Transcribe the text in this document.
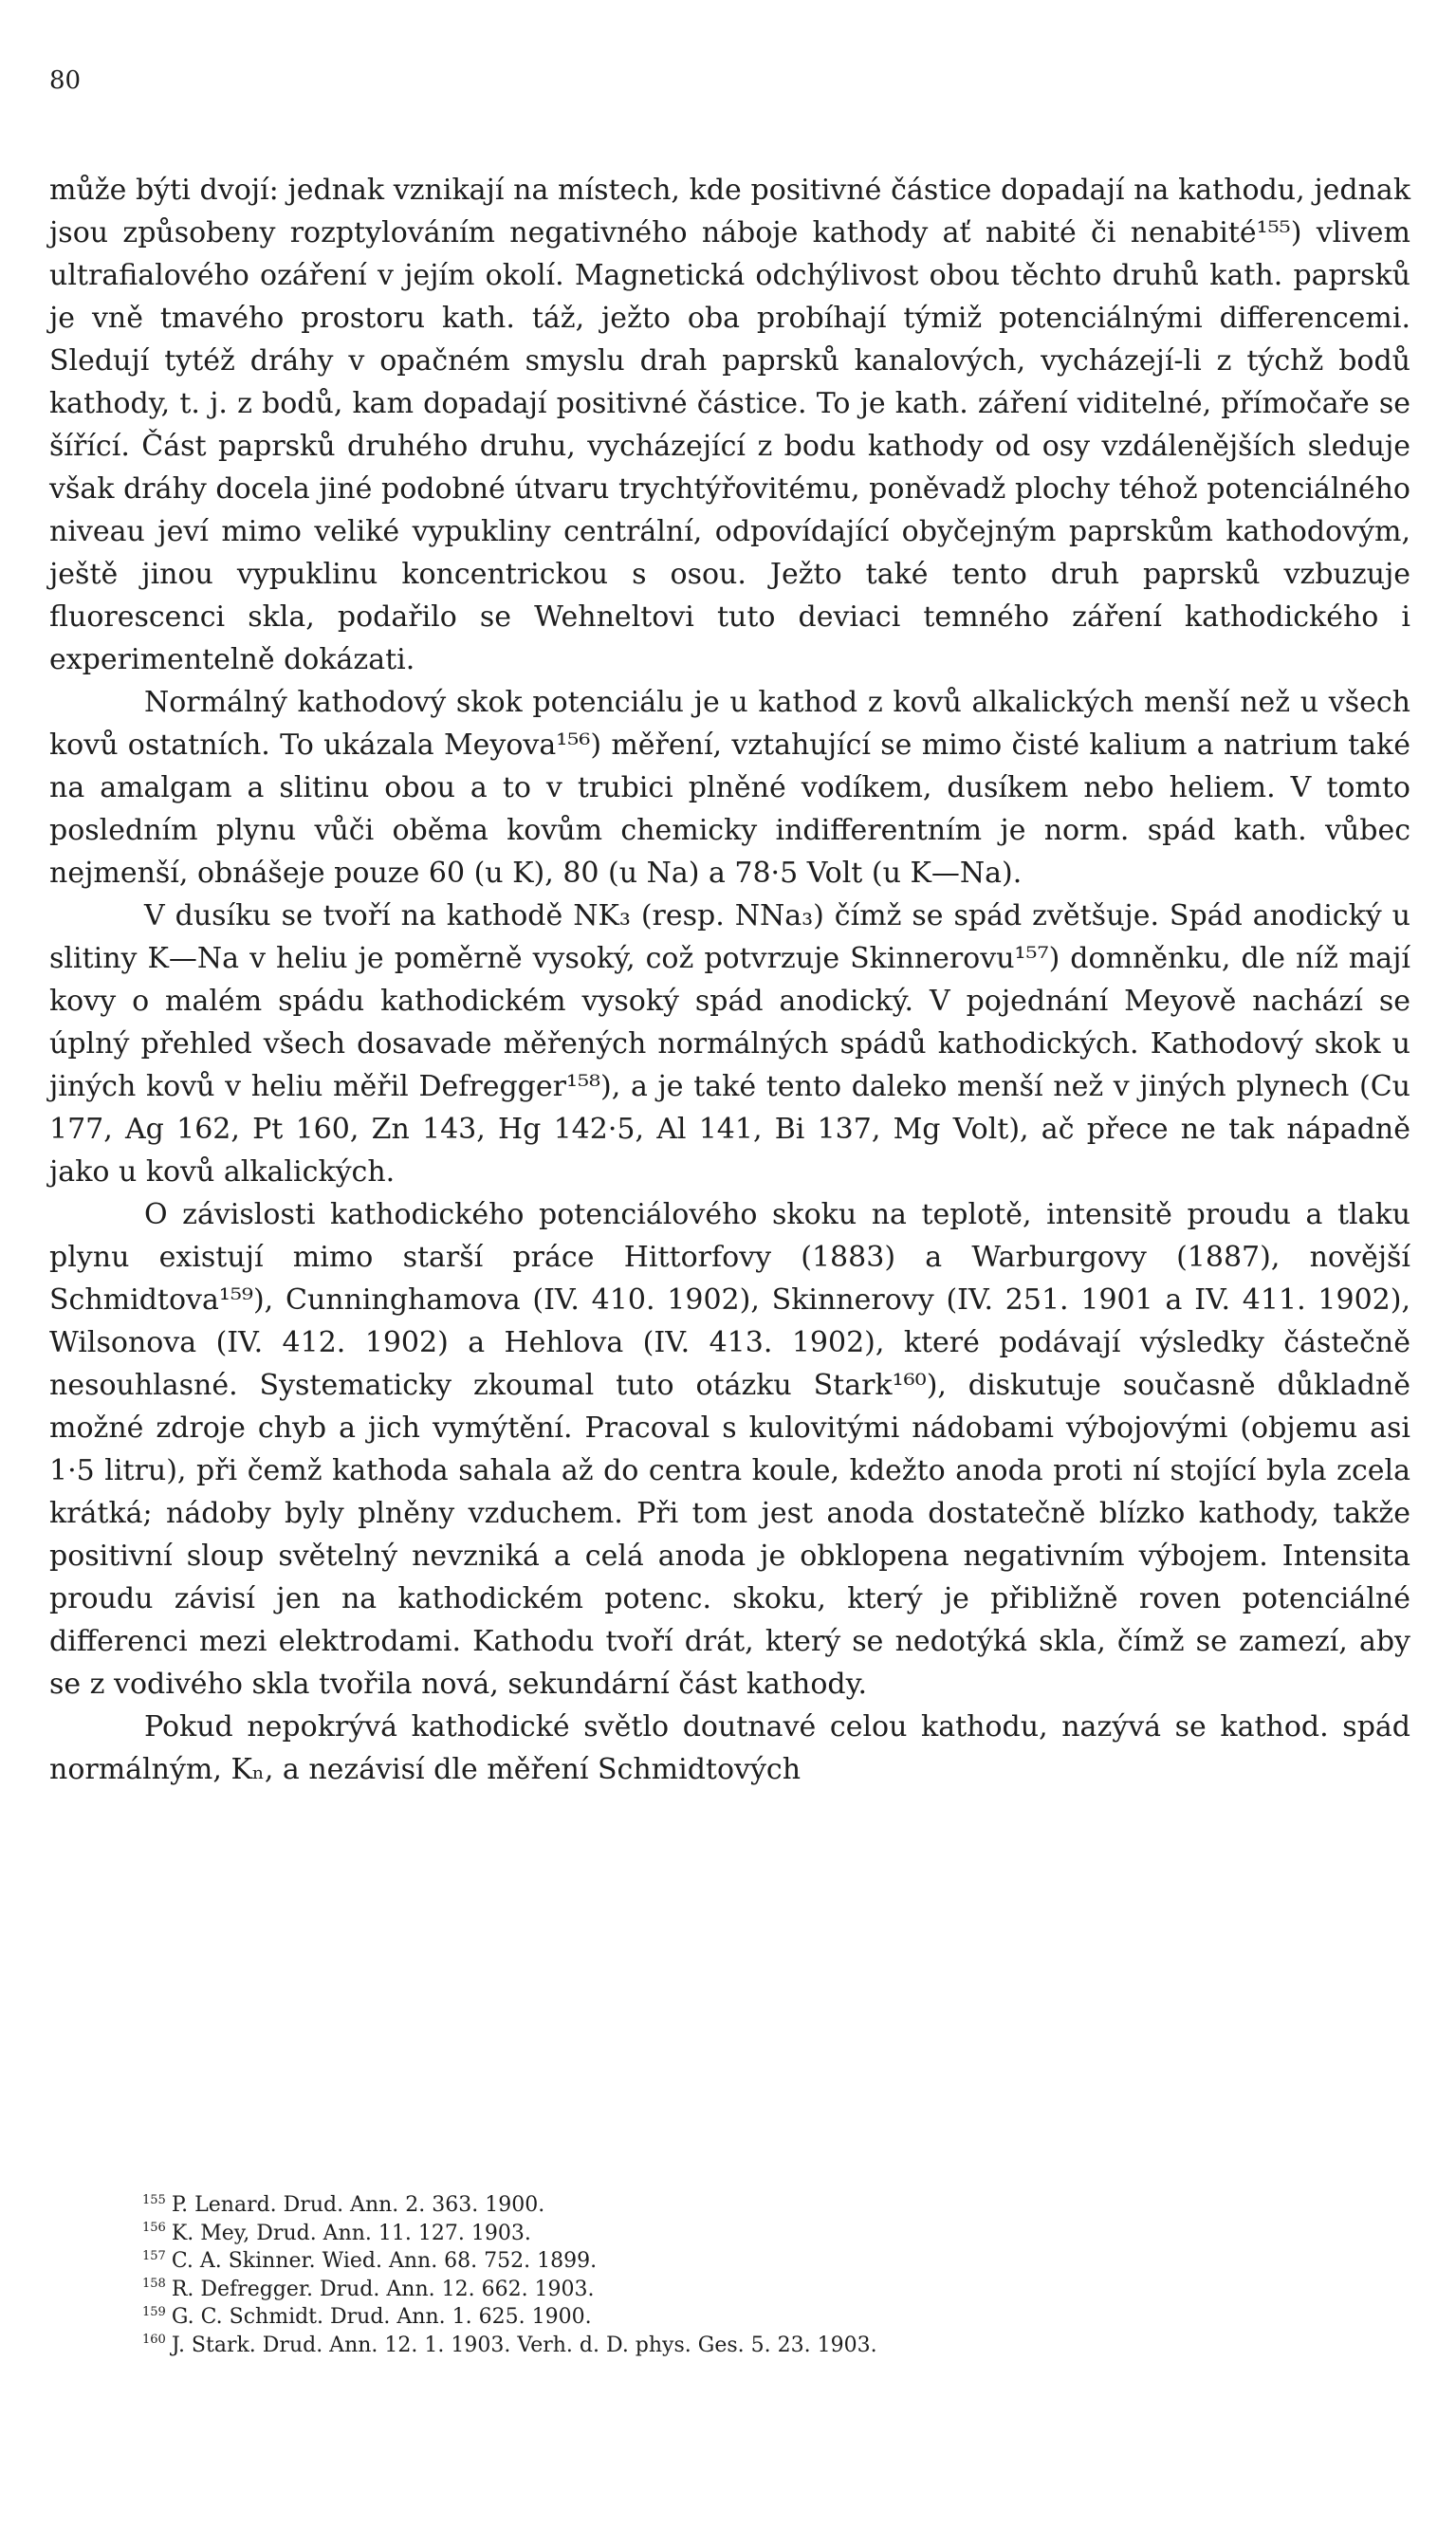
80

může býti dvojí: jednak vznikají na místech, kde positivné částice dopadají na kathodu, jednak jsou způsobeny rozptylováním negativného náboje kathody ať nabité či nenabité¹⁵⁵) vlivem ultrafialového ozáření v jejím okolí. Magnetická odchýlivost obou těchto druhů kath. paprsků je vně tmavého prostoru kath. táž, ježto oba probíhají týmiž potenciálnými differencemi. Sledují tytéž dráhy v opačném smyslu drah paprsků kanalových, vycházejí-li z týchž bodů kathody, t. j. z bodů, kam dopadají positivné částice. To je kath. záření viditelné, přímočaře se šířící. Část paprsků druhého druhu, vycházející z bodu kathody od osy vzdálenějších sleduje však dráhy docela jiné podobné útvaru trychtýřovitému, poněvadž plochy téhož potenciálného niveau jeví mimo veliké vypukliny centrální, odpovídající obyčejným paprskům kathodovým, ještě jinou vypuklinu koncentrickou s osou. Ježto také tento druh paprsků vzbuzuje fluorescenci skla, podařilo se Wehneltovi tuto deviaci temného záření kathodického i experimentelně dokázati.

Normálný kathodový skok potenciálu je u kathod z kovů alkalických menší než u všech kovů ostatních. To ukázala Meyova¹⁵⁶) měření, vztahující se mimo čisté kalium a natrium také na amalgam a slitinu obou a to v trubici plněné vodíkem, dusíkem nebo heliem. V tomto posledním plynu vůči oběma kovům chemicky indifferentním je norm. spád kath. vůbec nejmenší, obnášeje pouze 60 (u K), 80 (u Na) a 78·5 Volt (u K—Na).

V dusíku se tvoří na kathodě NK₃ (resp. NNa₃) čímž se spád zvětšuje. Spád anodický u slitiny K—Na v heliu je poměrně vysoký, což potvrzuje Skinnerovu¹⁵⁷) domněnku, dle níž mají kovy o malém spádu kathodickém vysoký spád anodický. V pojednání Meyově nachází se úplný přehled všech dosavade měřených normálných spádů kathodických. Kathodový skok u jiných kovů v heliu měřil Defregger¹⁵⁸), a je také tento daleko menší než v jiných plynech (Cu 177, Ag 162, Pt 160, Zn 143, Hg 142·5, Al 141, Bi 137, Mg Volt), ač přece ne tak nápadně jako u kovů alkalických.

O závislosti kathodického potenciálového skoku na teplotě, intensitě proudu a tlaku plynu existují mimo starší práce Hittorfovy (1883) a Warburgovy (1887), novější Schmidtova¹⁵⁹), Cunninghamova (IV. 410. 1902), Skinnerovy (IV. 251. 1901 a IV. 411. 1902), Wilsonova (IV. 412. 1902) a Hehlova (IV. 413. 1902), které podávají výsledky částečně nesouhlasné. Systematicky zkoumal tuto otázku Stark¹⁶⁰), diskutuje současně důkladně možné zdroje chyb a jich vymýtění. Pracoval s kulovitými nádobami výbojovými (objemu asi 1·5 litru), při čemž kathoda sahala až do centra koule, kdežto anoda proti ní stojící byla zcela krátká; nádoby byly plněny vzduchem. Při tom jest anoda dostatečně blízko kathody, takže positivní sloup světelný nevzniká a celá anoda je obklopena negativním výbojem. Intensita proudu závisí jen na kathodickém potenc. skoku, který je přibližně roven potenciálné differenci mezi elektrodami. Kathodu tvoří drát, který se nedotýká skla, čímž se zamezí, aby se z vodivého skla tvořila nová, sekundární část kathody.

Pokud nepokrývá kathodické světlo doutnavé celou kathodu, nazývá se kathod. spád normálným, Kₙ, a nezávisí dle měření Schmidtových

$^{155}$ P. Lenard. Drud. Ann. 2. 363. 1900.
$^{156}$ K. Mey, Drud. Ann. 11. 127. 1903.
$^{157}$ C. A. Skinner. Wied. Ann. 68. 752. 1899.
$^{158}$ R. Defregger. Drud. Ann. 12. 662. 1903.
$^{159}$ G. C. Schmidt. Drud. Ann. 1. 625. 1900.
$^{160}$ J. Stark. Drud. Ann. 12. 1. 1903. Verh. d. D. phys. Ges. 5. 23. 1903.
